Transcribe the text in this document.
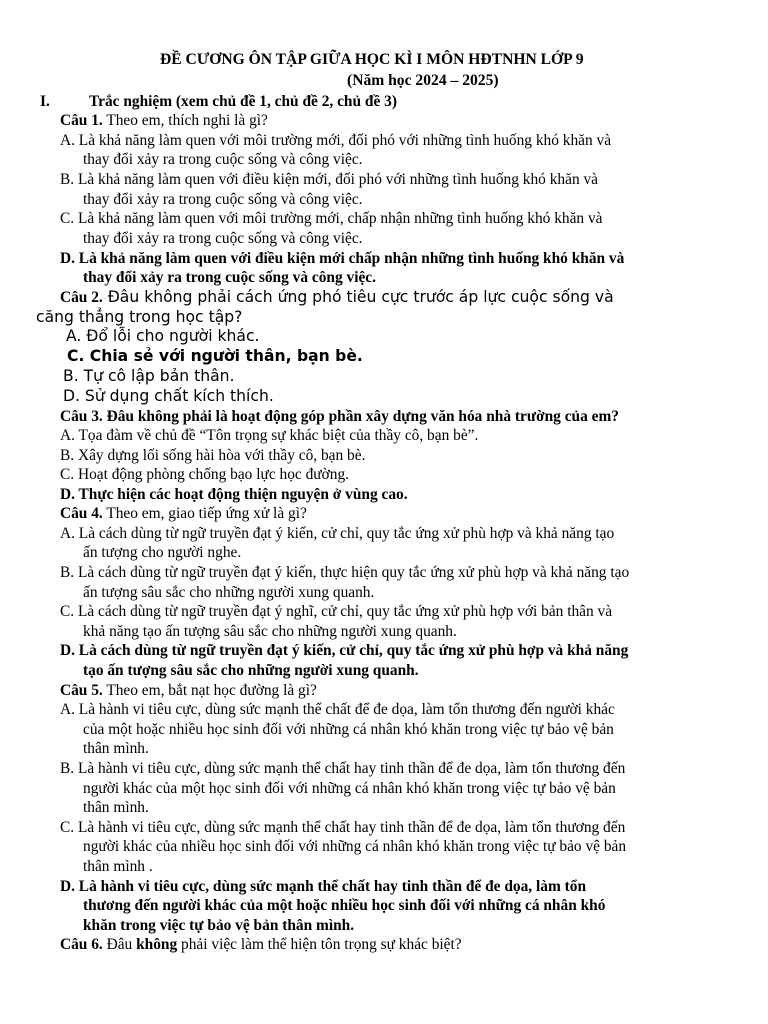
ĐỀ CƯƠNG ÔN TẬP GIỮA HỌC KÌ I MÔN HĐTNHN LỚP 9
(Năm học 2024 – 2025)
I.	Trắc nghiệm (xem chủ đề 1, chủ đề 2, chủ đề 3)
Câu 1. Theo em, thích nghi là gì?
A. Là khả năng làm quen với môi trường mới, đối phó với những tình huống khó khăn và
thay đổi xảy ra trong cuộc sống và công việc.
B. Là khả năng làm quen với điều kiện mới, đối phó với những tình huống khó khăn và
thay đổi xảy ra trong cuộc sống và công việc.
C. Là khả năng làm quen với môi trường mới, chấp nhận những tình huống khó khăn và
thay đổi xảy ra trong cuộc sống và công việc.
D. Là khả năng làm quen với điều kiện mới chấp nhận những tình huống khó khăn và
thay đổi xảy ra trong cuộc sống và công việc.
Câu 2. Đâu không phải cách ứng phó tiêu cực trước áp lực cuộc sống và
căng thẳng trong học tập?
A. Đổ lỗi cho người khác.
C. Chia sẻ với người thân, bạn bè.
B. Tự cô lập bản thân.
D. Sử dụng chất kích thích.
Câu 3. Đâu không phải là hoạt động góp phần xây dựng văn hóa nhà trường của em?
A. Tọa đàm về chủ đề “Tôn trọng sự khác biệt của thầy cô, bạn bè”.
B. Xây dựng lối sống hài hòa với thầy cô, bạn bè.
C. Hoạt động phòng chống bạo lực học đường.
D. Thực hiện các hoạt động thiện nguyện ở vùng cao.
Câu 4. Theo em, giao tiếp ứng xử là gì?
A. Là cách dùng từ ngữ truyền đạt ý kiến, cử chỉ, quy tắc ứng xử phù hợp và khả năng tạo
ấn tượng cho người nghe.
B. Là cách dùng từ ngữ truyền đạt ý kiến, thực hiện quy tắc ứng xử phù hợp và khả năng tạo
ấn tượng sâu sắc cho những người xung quanh.
C. Là cách dùng từ ngữ truyền đạt ý nghĩ, cử chỉ, quy tắc ứng xử phù hợp với bản thân và
khả năng tạo ấn tượng sâu sắc cho những người xung quanh.
D. Là cách dùng từ ngữ truyền đạt ý kiến, cử chỉ, quy tắc ứng xử phù hợp và khả năng
tạo ấn tượng sâu sắc cho những người xung quanh.
Câu 5. Theo em, bắt nạt học đường là gì?
A. Là hành vi tiêu cực, dùng sức mạnh thể chất để đe dọa, làm tổn thương đến người khác
của một hoặc nhiều học sinh đối với những cá nhân khó khăn trong việc tự bảo vệ bản
thân mình.
B. Là hành vi tiêu cực, dùng sức mạnh thể chất hay tinh thần để đe dọa, làm tổn thương đến
người khác của một học sinh đối với những cá nhân khó khăn trong việc tự bảo vệ bản
thân mình.
C. Là hành vi tiêu cực, dùng sức mạnh thể chất hay tinh thần để đe dọa, làm tổn thương đến
người khác của nhiều học sinh đối với những cá nhân khó khăn trong việc tự bảo vệ bản
thân mình .
D. Là hành vi tiêu cực, dùng sức mạnh thể chất hay tinh thần để đe dọa, làm tổn
thương đến người khác của một hoặc nhiều học sinh đối với những cá nhân khó
khăn trong việc tự bảo vệ bản thân mình.
Câu 6. Đâu không phải việc làm thể hiện tôn trọng sự khác biệt?
